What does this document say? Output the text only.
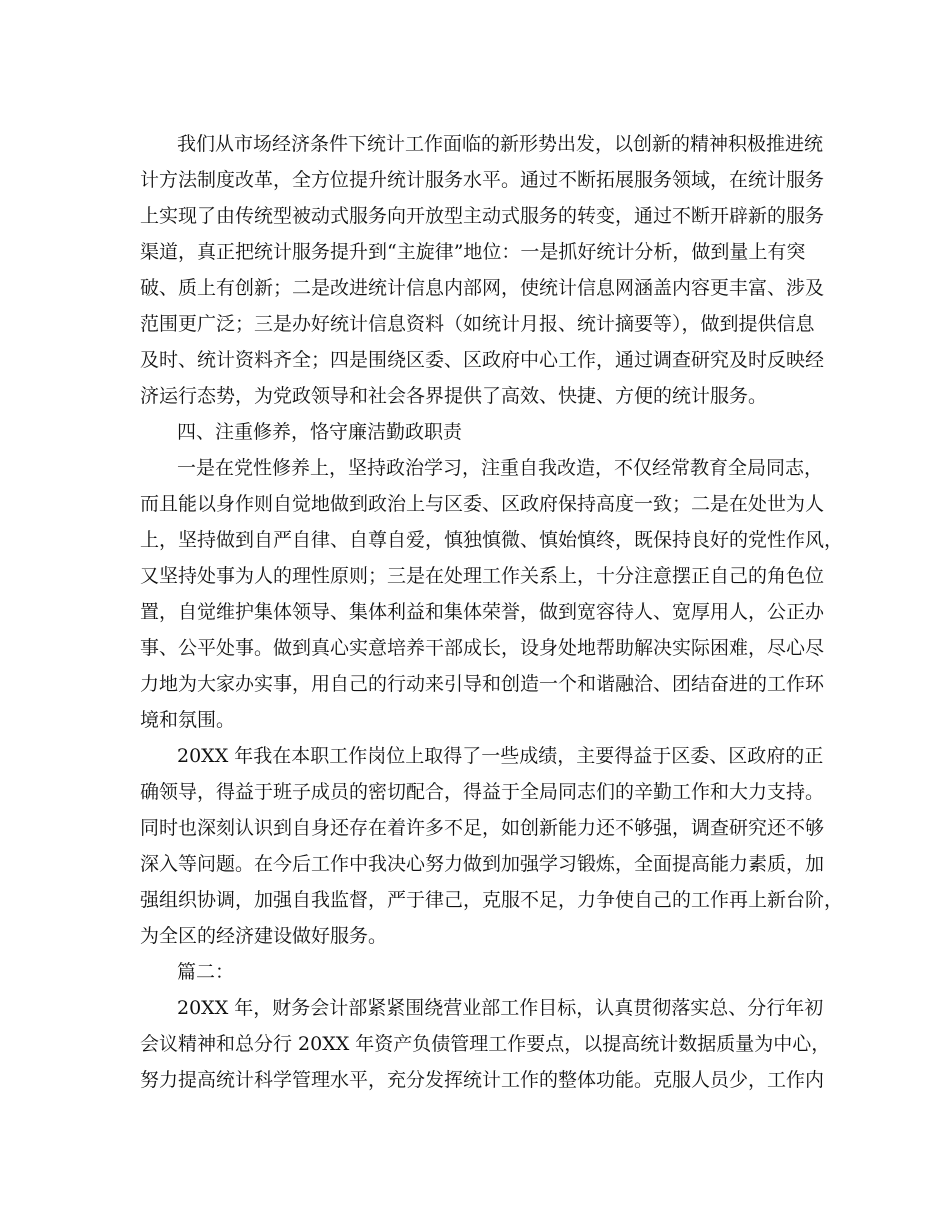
我们从市场经济条件下统计工作面临的新形势出发，以创新的精神积极推进统
计方法制度改革，全方位提升统计服务水平。通过不断拓展服务领域，在统计服务
上实现了由传统型被动式服务向开放型主动式服务的转变，通过不断开辟新的服务
渠道，真正把统计服务提升到“主旋律”地位：一是抓好统计分析，做到量上有突
破、质上有创新；二是改进统计信息内部网，使统计信息网涵盖内容更丰富、涉及
范围更广泛；三是办好统计信息资料（如统计月报、统计摘要等），做到提供信息
及时、统计资料齐全；四是围绕区委、区政府中心工作，通过调查研究及时反映经
济运行态势，为党政领导和社会各界提供了高效、快捷、方便的统计服务。
四、注重修养，恪守廉洁勤政职责
一是在党性修养上，坚持政治学习，注重自我改造，不仅经常教育全局同志，
而且能以身作则自觉地做到政治上与区委、区政府保持高度一致；二是在处世为人
上，坚持做到自严自律、自尊自爱，慎独慎微、慎始慎终，既保持良好的党性作风，
又坚持处事为人的理性原则；三是在处理工作关系上，十分注意摆正自己的角色位
置，自觉维护集体领导、集体利益和集体荣誉，做到宽容待人、宽厚用人，公正办
事、公平处事。做到真心实意培养干部成长，设身处地帮助解决实际困难，尽心尽
力地为大家办实事，用自己的行动来引导和创造一个和谐融洽、团结奋进的工作环
境和氛围。
20XX 年我在本职工作岗位上取得了一些成绩，主要得益于区委、区政府的正
确领导，得益于班子成员的密切配合，得益于全局同志们的辛勤工作和大力支持。
同时也深刻认识到自身还存在着许多不足，如创新能力还不够强，调查研究还不够
深入等问题。在今后工作中我决心努力做到加强学习锻炼，全面提高能力素质，加
强组织协调，加强自我监督，严于律己，克服不足，力争使自己的工作再上新台阶，
为全区的经济建设做好服务。
篇二：
20XX 年，财务会计部紧紧围绕营业部工作目标，认真贯彻落实总、分行年初
会议精神和总分行 20XX 年资产负债管理工作要点，以提高统计数据质量为中心，
努力提高统计科学管理水平，充分发挥统计工作的整体功能。克服人员少，工作内
